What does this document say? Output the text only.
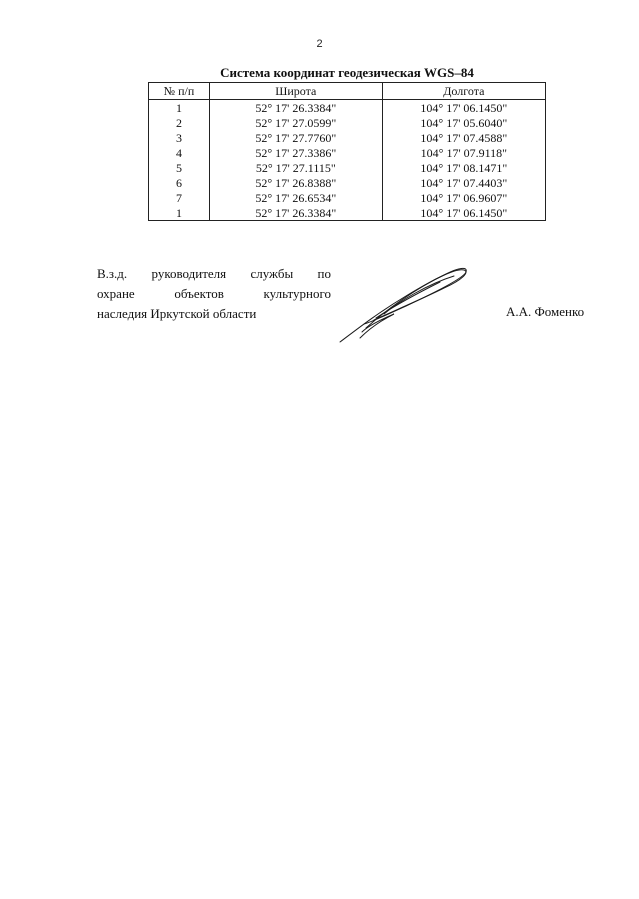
2
Система координат геодезическая WGS–84
№ п/п	Широта	Долгота
1	52° 17' 26.3384"	104° 17' 06.1450"
2	52° 17' 27.0599"	104° 17' 05.6040"
3	52° 17' 27.7760"	104° 17' 07.4588"
4	52° 17' 27.3386"	104° 17' 07.9118"
5	52° 17' 27.1115"	104° 17' 08.1471"
6	52° 17' 26.8388"	104° 17' 07.4403"
7	52° 17' 26.6534"	104° 17' 06.9607"
1	52° 17' 26.3384"	104° 17' 06.1450"
В.з.д. руководителя службы по
охране	объектов	культурного
наследия Иркутской области	А.А. Фоменко
